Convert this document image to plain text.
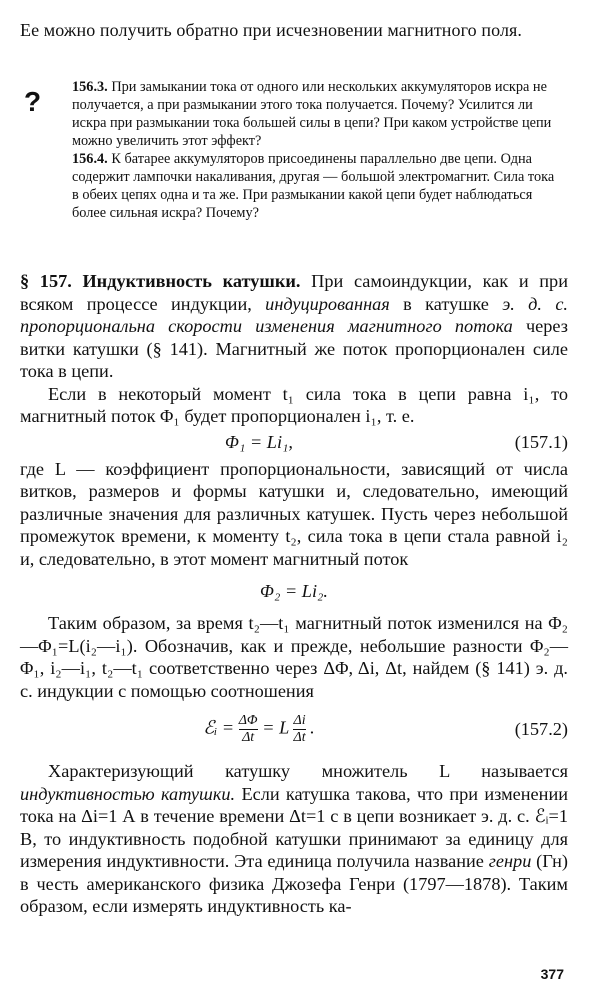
Ее можно получить обратно при исчезновении магнитного поля.

? 156.3. При замыкании тока от одного или нескольких аккумуляторов искра не получается, а при размыкании этого тока получается. Почему? Усилится ли искра при размыкании тока большей силы в цепи? При каком устройстве цепи можно увеличить этот эффект?

156.4. К батарее аккумуляторов присоединены параллельно две цепи. Одна содержит лампочки накаливания, другая — большой электромагнит. Сила тока в обеих цепях одна и та же. При размыкании какой цепи будет наблюдаться более сильная искра? Почему?

§ 157. Индуктивность катушки. При самоиндукции, как и при всяком процессе индукции, индуцированная в катушке э. д. с. пропорциональна скорости изменения магнитного потока через витки катушки (§ 141). Магнитный же поток пропорционален силе тока в цепи.

Если в некоторый момент t₁ сила тока в цепи равна i₁, то магнитный поток Φ₁ будет пропорционален i₁, т. е.

Φ₁ = Li₁,	(157.1)

где L — коэффициент пропорциональности, зависящий от числа витков, размеров и формы катушки и, следовательно, имеющий различные значения для различных катушек. Пусть через небольшой промежуток времени, к моменту t₂, сила тока в цепи стала равной i₂ и, следовательно, в этот момент магнитный поток

Φ₂ = Li₂.

Таким образом, за время t₂—t₁ магнитный поток изменился на Φ₂—Φ₁=L(i₂—i₁). Обозначив, как и прежде, небольшие разности Φ₂—Φ₁, i₂—i₁, t₂—t₁ соответственно через ΔΦ, Δi, Δt, найдем (§ 141) э. д. с. индукции с помощью соотношения

ℰᵢ = $\frac{\Delta\Phi}{\Delta t} = L \frac{\Delta i}{\Delta t}$ .	(157.2)

Характеризующий катушку множитель L называется индуктивностью катушки. Если катушка такова, что при изменении тока на Δi=1 А в течение времени Δt=1 с в цепи возникает э. д. с. ℰᵢ=1 В, то индуктивность подобной катушки принимают за единицу для измерения индуктивности. Эта единица получила название генри (Гн) в честь американского физика Джозефа Генри (1797—1878). Таким образом, если измерять индуктивность ка-

377
